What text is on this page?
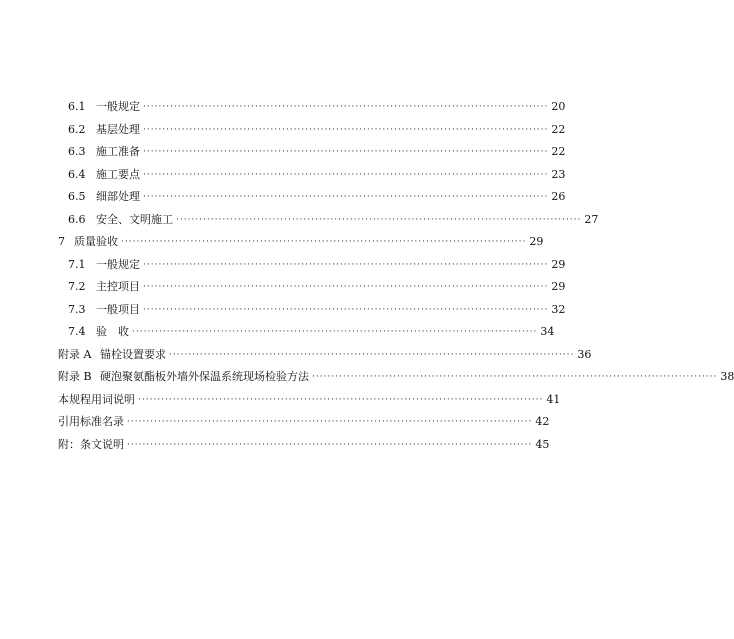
6.1 一般规定 ········································································································· 20
6.2 基层处理 ········································································································· 22
6.3 施工准备 ········································································································· 22
6.4 施工要点 ········································································································· 23
6.5 细部处理 ········································································································· 26
6.6 安全、文明施工 ········································································································· 27
7 质量验收 ········································································································· 29
7.1 一般规定 ········································································································· 29
7.2 主控项目 ········································································································· 29
7.3 一般项目 ········································································································· 32
7.4 验　收 ········································································································· 34
附录 A 锚栓设置要求 ········································································································· 36
附录 B 硬泡聚氨酯板外墙外保温系统现场检验方法 ········································································································· 38
本规程用词说明 ········································································································· 41
引用标准名录 ········································································································· 42
附：条文说明 ········································································································· 45
